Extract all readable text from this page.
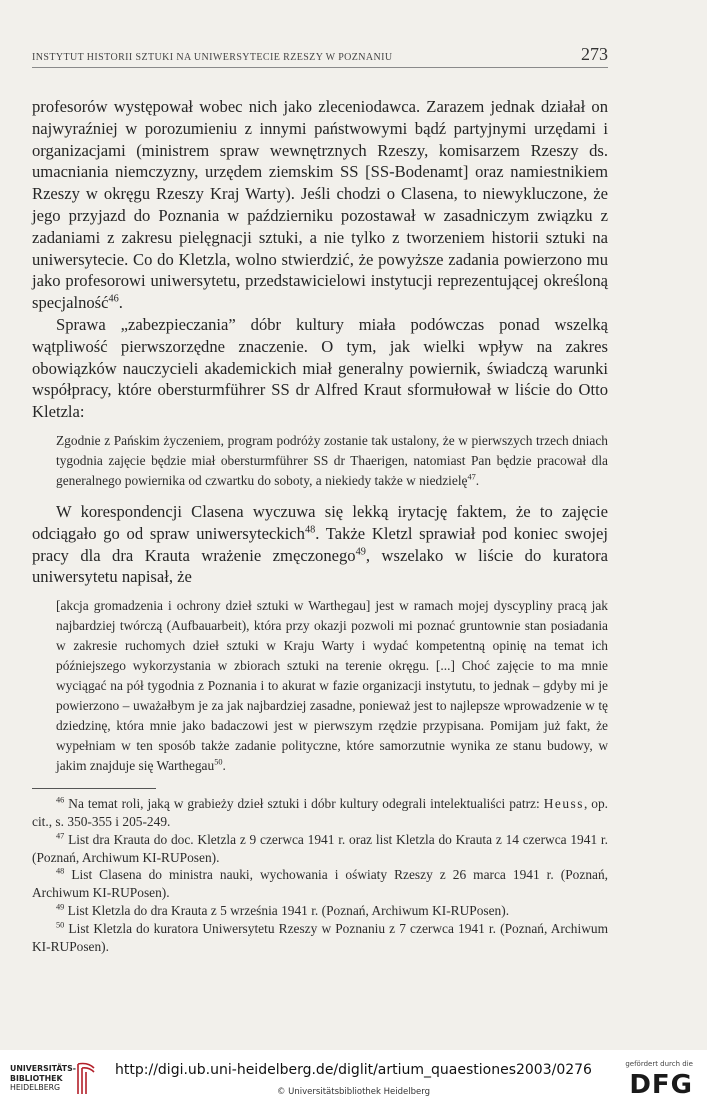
INSTYTUT HISTORII SZTUKI NA UNIWERSYTECIE RZESZY W POZNANIU	273

profesorów występował wobec nich jako zleceniodawca. Zarazem jednak działał on najwyraźniej w porozumieniu z innymi państwowymi bądź partyjnymi urzędami i organizacjami (ministrem spraw wewnętrznych Rzeszy, komisarzem Rzeszy ds. umacniania niemczyzny, urzędem ziemskim SS [SS-Bodenamt] oraz namiestnikiem Rzeszy w okręgu Rzeszy Kraj Warty). Jeśli chodzi o Clasena, to niewykluczone, że jego przyjazd do Poznania w październiku pozostawał w zasadniczym związku z zadaniami z zakresu pielęgnacji sztuki, a nie tylko z tworzeniem historii sztuki na uniwersytecie. Co do Kletzla, wolno stwierdzić, że powyższe zadania powierzono mu jako profesorowi uniwersytetu, przedstawicielowi instytucji reprezentującej określoną specjalność$^{46}$.

Sprawa „zabezpieczania” dóbr kultury miała podówczas ponad wszelką wątpliwość pierwszorzędne znaczenie. O tym, jak wielki wpływ na zakres obowiązków nauczycieli akademickich miał generalny powiernik, świadczą warunki współpracy, które obersturmführer SS dr Alfred Kraut sformułował w liście do Otto Kletzla:

Zgodnie z Pańskim życzeniem, program podróży zostanie tak ustalony, że w pierwszych trzech dniach tygodnia zajęcie będzie miał obersturmführer SS dr Thaerigen, natomiast Pan będzie pracował dla generalnego powiernika od czwartku do soboty, a niekiedy także w niedzielę$^{47}$.

W korespondencji Clasena wyczuwa się lekką irytację faktem, że to zajęcie odciągało go od spraw uniwersyteckich$^{48}$. Także Kletzl sprawiał pod koniec swojej pracy dla dra Krauta wrażenie zmęczonego$^{49}$, wszelako w liście do kuratora uniwersytetu napisał, że

[akcja gromadzenia i ochrony dzieł sztuki w Warthegau] jest w ramach mojej dyscypliny pracą jak najbardziej twórczą (Aufbauarbeit), która przy okazji pozwoli mi poznać gruntownie stan posiadania w zakresie ruchomych dzieł sztuki w Kraju Warty i wydać kompetentną opinię na temat ich późniejszego wykorzystania w zbiorach sztuki na terenie okręgu. [...] Choć zajęcie to ma mnie wyciągać na pół tygodnia z Poznania i to akurat w fazie organizacji instytutu, to jednak – gdyby mi je powierzono – uważałbym je za jak najbardziej zasadne, ponieważ jest to najlepsze wprowadzenie w tę dziedzinę, która mnie jako badaczowi jest w pierwszym rzędzie przypisana. Pomijam już fakt, że wypełniam w ten sposób także zadanie polityczne, które samorzutnie wynika ze stanu budowy, w jakim znajduje się Warthegau$^{50}$.

$^{46}$ Na temat roli, jaką w grabieży dzieł sztuki i dóbr kultury odegrali intelektualiści patrz: Heuss, op. cit., s. 350-355 i 205-249.

$^{47}$ List dra Krauta do doc. Kletzla z 9 czerwca 1941 r. oraz list Kletzla do Krauta z 14 czerwca 1941 r. (Poznań, Archiwum KI-RUPosen).

$^{48}$ List Clasena do ministra nauki, wychowania i oświaty Rzeszy z 26 marca 1941 r. (Poznań, Archiwum KI-RUPosen).

$^{49}$ List Kletzla do dra Krauta z 5 września 1941 r. (Poznań, Archiwum KI-RUPosen).

$^{50}$ List Kletzla do kuratora Uniwersytetu Rzeszy w Poznaniu z 7 czerwca 1941 r. (Poznań, Archiwum KI-RUPosen).

UNIVERSITÄTS-
BIBLIOTHEK
HEIDELBERG
http://digi.ub.uni-heidelberg.de/diglit/artium_quaestiones2003/0276
© Universitätsbibliothek Heidelberg
gefördert durch die
DFG
